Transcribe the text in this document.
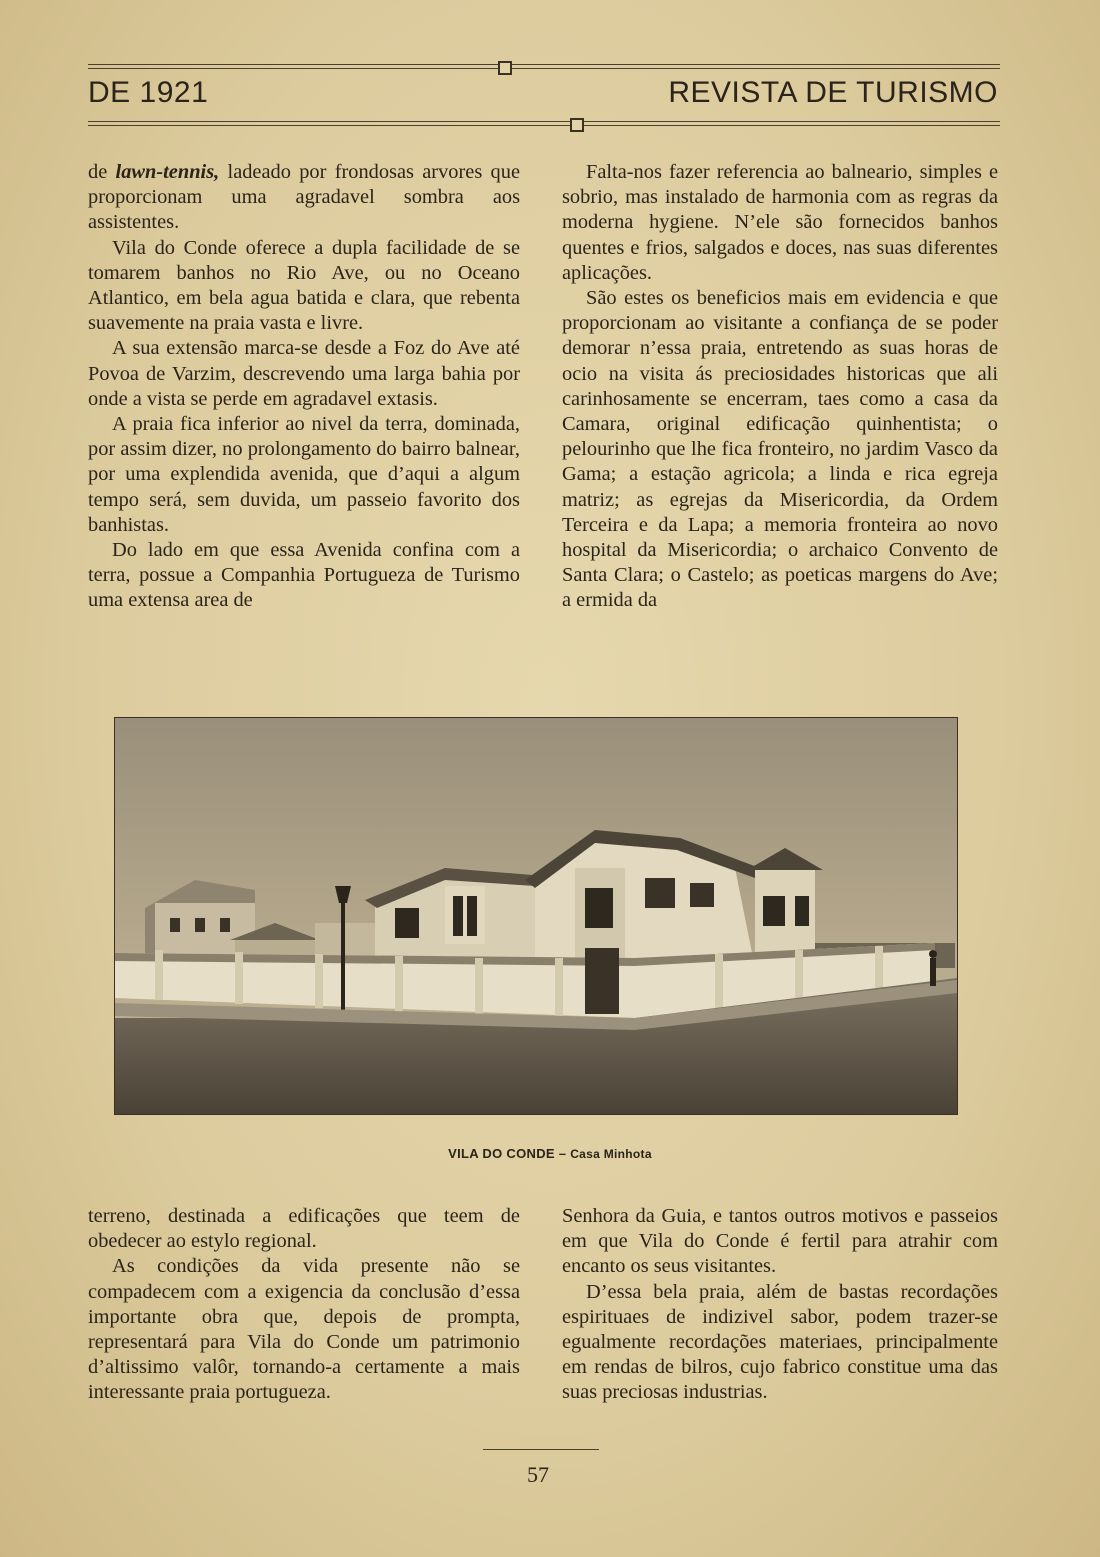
DE 1921	REVISTA DE TURISMO

de lawn-tennis, ladeado por frondosas arvores que proporcionam uma agradavel sombra aos assistentes.

Vila do Conde oferece a dupla facilidade de se tomarem banhos no Rio Ave, ou no Oceano Atlantico, em bela agua batida e clara, que rebenta suavemente na praia vasta e livre.

A sua extensão marca-se desde a Foz do Ave até Povoa de Varzim, descrevendo uma larga bahia por onde a vista se perde em agradavel extasis.

A praia fica inferior ao nivel da terra, dominada, por assim dizer, no prolongamento do bairro balnear, por uma explendida avenida, que d’aqui a algum tempo será, sem duvida, um passeio favorito dos banhistas.

Do lado em que essa Avenida confina com a terra, possue a Companhia Portugueza de Turismo uma extensa area de

Falta-nos fazer referencia ao balneario, simples e sobrio, mas instalado de harmonia com as regras da moderna hygiene. N’ele são fornecidos banhos quentes e frios, salgados e doces, nas suas diferentes aplicações.

São estes os beneficios mais em evidencia e que proporcionam ao visitante a confiança de se poder demorar n’essa praia, entretendo as suas horas de ocio na visita ás preciosidades historicas que ali carinhosamente se encerram, taes como a casa da Camara, original edificação quinhentista; o pelourinho que lhe fica fronteiro, no jardim Vasco da Gama; a estação agricola; a linda e rica egreja matriz; as egrejas da Misericordia, da Ordem Terceira e da Lapa; a memoria fronteira ao novo hospital da Misericordia; o archaico Convento de Santa Clara; o Castelo; as poeticas margens do Ave; a ermida da

VILA DO CONDE – Casa Minhota

terreno, destinada a edificações que teem de obedecer ao estylo regional.

As condições da vida presente não se compadecem com a exigencia da conclusão d’essa importante obra que, depois de prompta, representará para Vila do Conde um patrimonio d’altissimo valôr, tornando-a certamente a mais interessante praia portugueza.

Senhora da Guia, e tantos outros motivos e passeios em que Vila do Conde é fertil para atrahir com encanto os seus visitantes.

D’essa bela praia, além de bastas recordações espirituaes de indizivel sabor, podem trazer-se egualmente recordações materiaes, principalmente em rendas de bilros, cujo fabrico constitue uma das suas preciosas industrias.

57
